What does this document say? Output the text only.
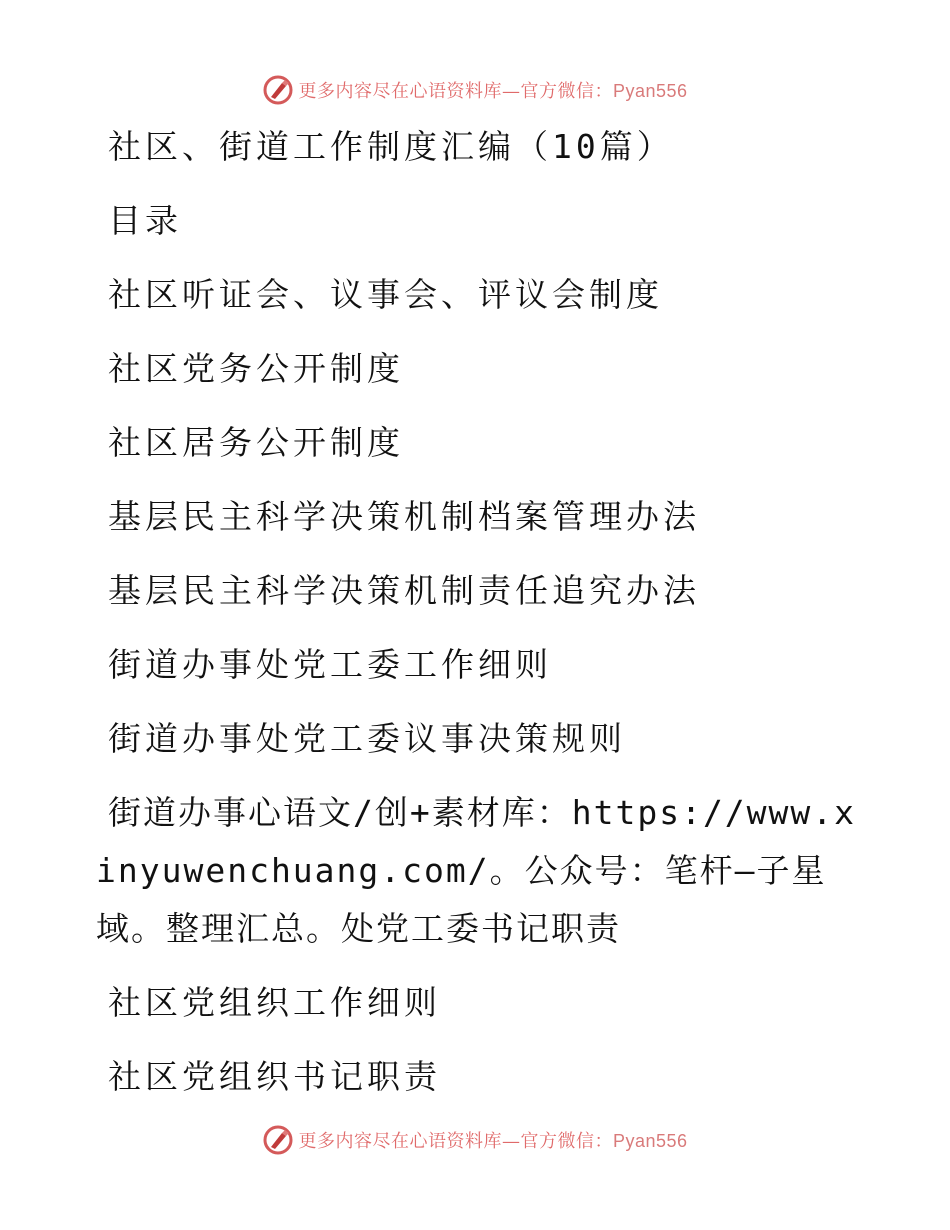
更多内容尽在心语资料库—官方微信：Pyan556
社区、街道工作制度汇编（10篇）
目录
社区听证会、议事会、评议会制度
社区党务公开制度
社区居务公开制度
基层民主科学决策机制档案管理办法
基层民主科学决策机制责任追究办法
街道办事处党工委工作细则
街道办事处党工委议事决策规则
街道办事心语文/创+素材库：https://www.xinyuwenchuang.com/。公众号：笔杆—子星域。整理汇总。处党工委书记职责
社区党组织工作细则
社区党组织书记职责
更多内容尽在心语资料库—官方微信：Pyan556
